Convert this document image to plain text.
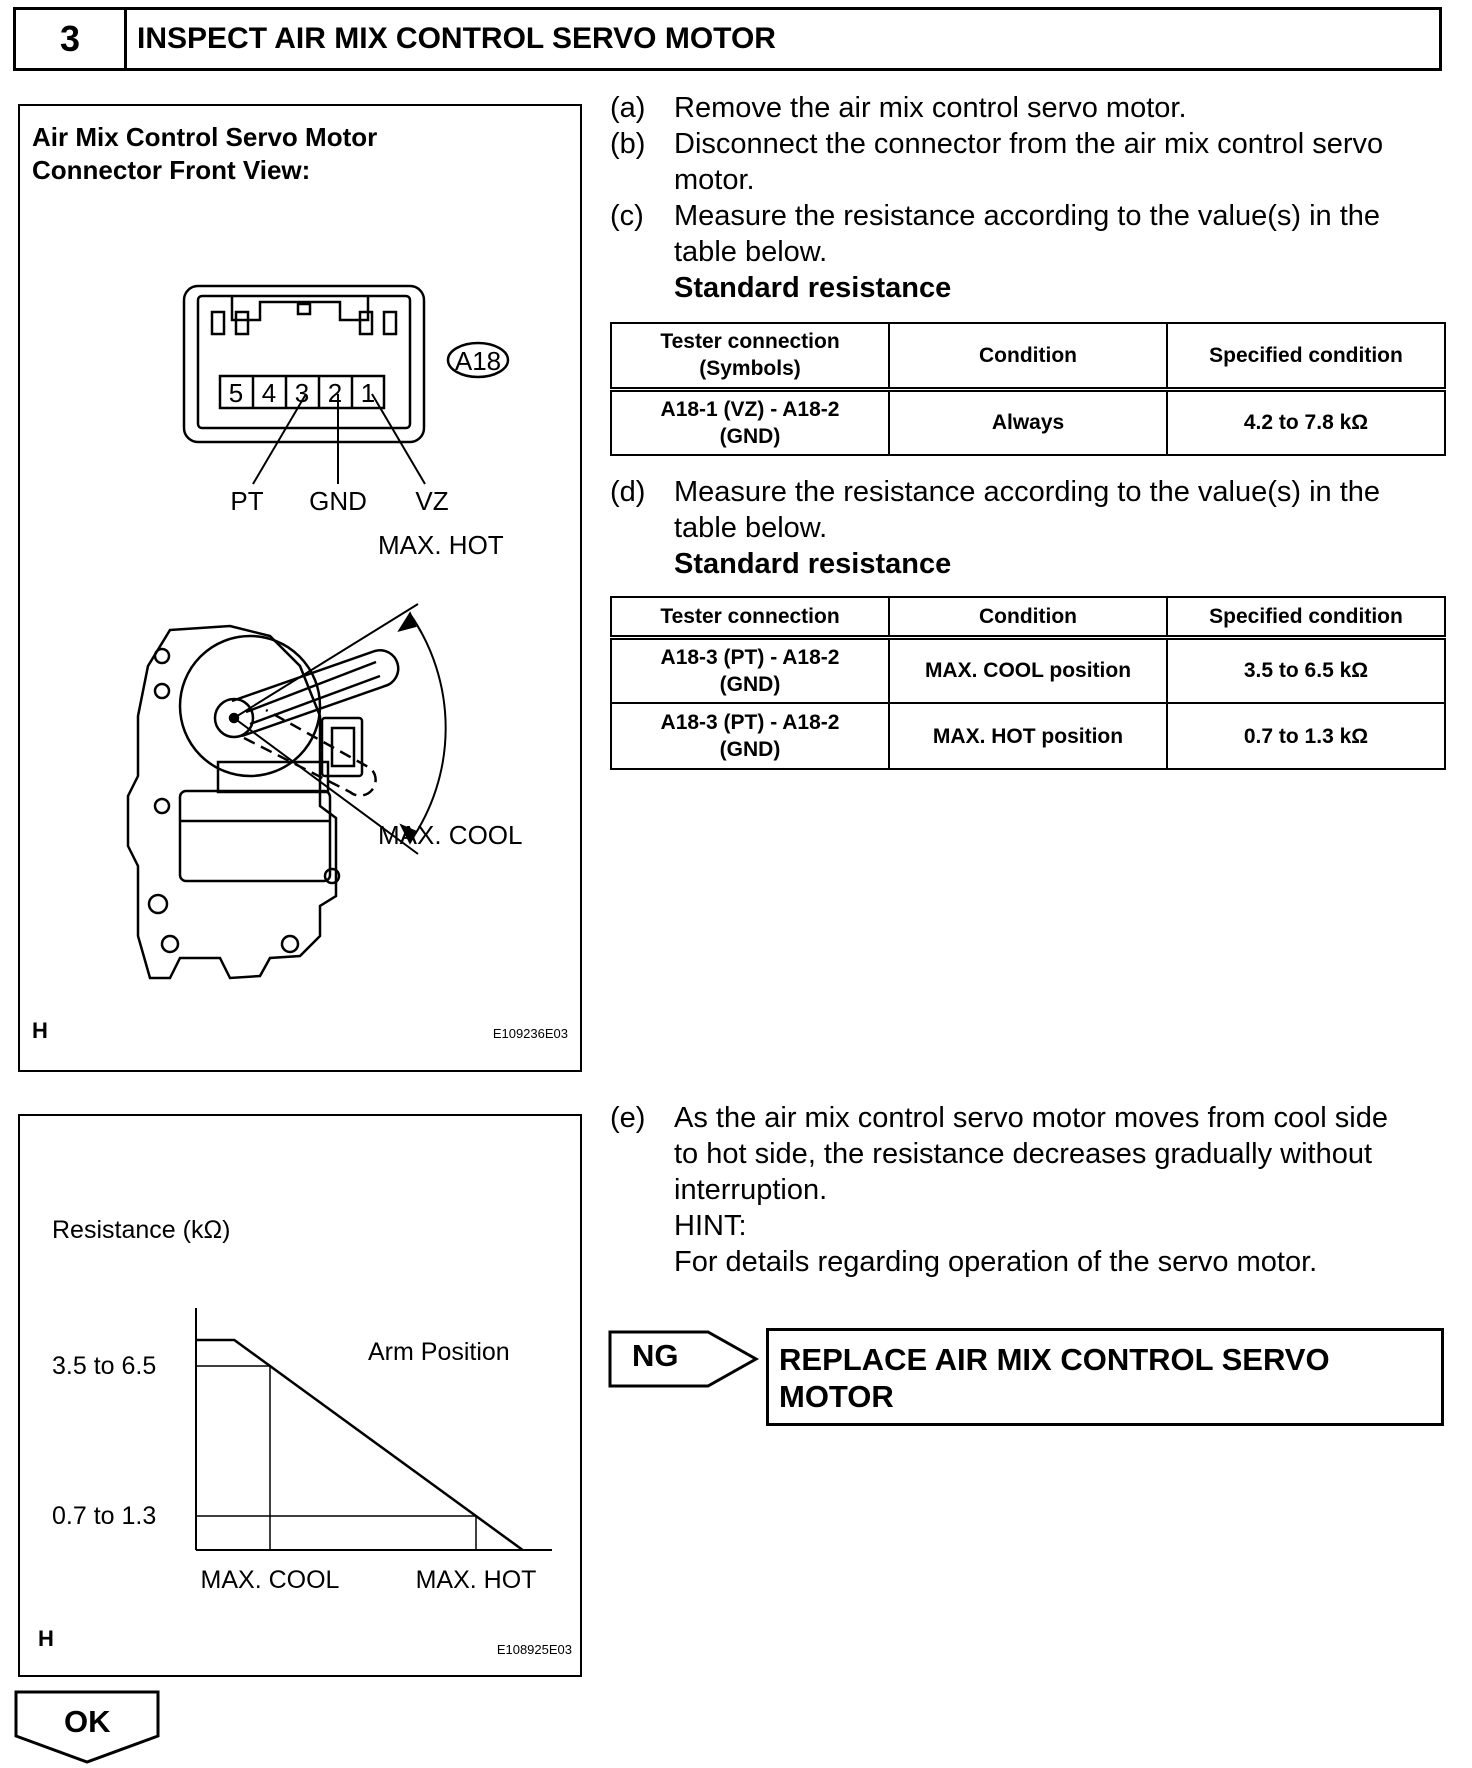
3	INSPECT AIR MIX CONTROL SERVO MOTOR
Air Mix Control Servo Motor
Connector Front View:
5 4 3 2 1
A18
PT GND VZ
MAX. HOT
MAX. COOL
H	E109236E03
Resistance (kΩ)
3.5 to 6.5
0.7 to 1.3
MAX. COOL	MAX. HOT
Arm Position
H	E108925E03
(a) Remove the air mix control servo motor.
(b) Disconnect the connector from the air mix control servo
motor.
(c) Measure the resistance according to the value(s) in the
table below.
Standard resistance
Tester connection
(Symbols)	Condition	Specified condition
A18-1 (VZ) - A18-2
(GND)	Always	4.2 to 7.8 kΩ
(d) Measure the resistance according to the value(s) in the
table below.
Standard resistance
Tester connection	Condition	Specified condition
A18-3 (PT) - A18-2
(GND)	MAX. COOL position	3.5 to 6.5 kΩ
A18-3 (PT) - A18-2
(GND)	MAX. HOT position	0.7 to 1.3 kΩ
(e) As the air mix control servo motor moves from cool side
to hot side, the resistance decreases gradually without
interruption.
HINT:
For details regarding operation of the servo motor.
NG	REPLACE AIR MIX CONTROL SERVO
MOTOR
OK
